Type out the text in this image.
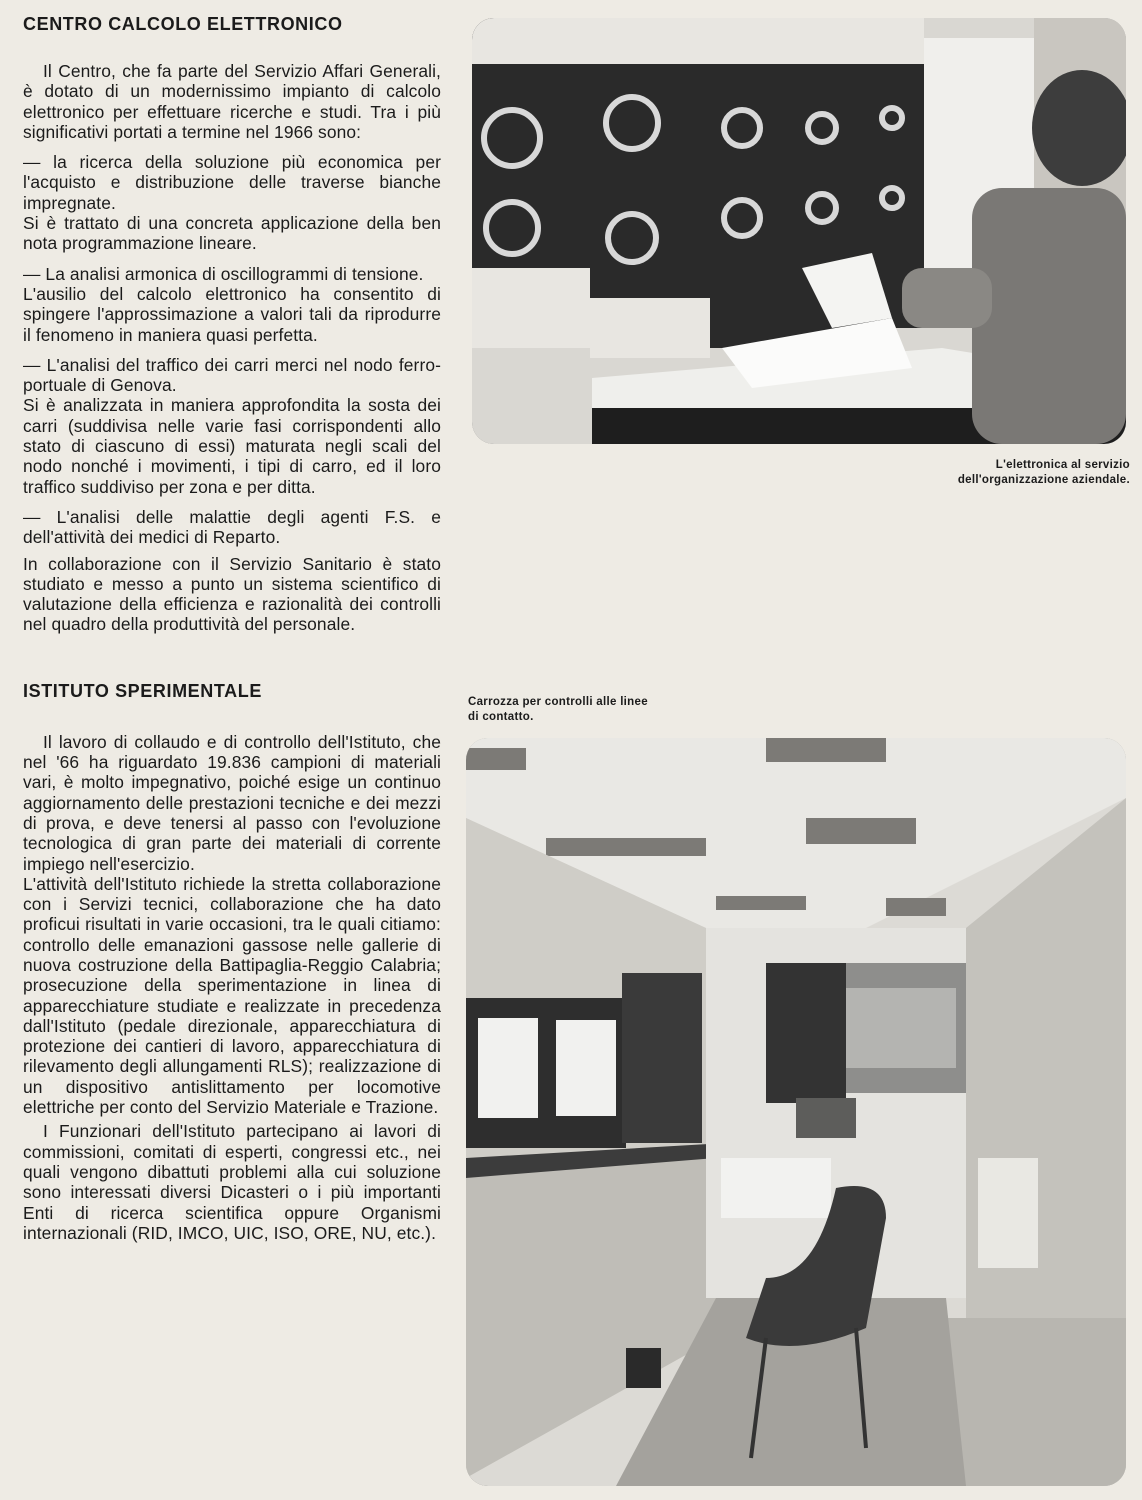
CENTRO CALCOLO ELETTRONICO

Il Centro, che fa parte del Servizio Affari Generali, è dotato di un modernissimo impianto di calcolo elettronico per effettuare ricerche e studi. Tra i più significativi portati a termine nel 1966 sono:

— la ricerca della soluzione più economica per l'acquisto e distribuzione delle traverse bianche impregnate.

Si è trattato di una concreta applicazione della ben nota programmazione lineare.

— La analisi armonica di oscillogrammi di tensione.

L'ausilio del calcolo elettronico ha consentito di spingere l'approssimazione a valori tali da riprodurre il fenomeno in maniera quasi perfetta.

— L'analisi del traffico dei carri merci nel nodo ferro-portuale di Genova.

Si è analizzata in maniera approfondita la sosta dei carri (suddivisa nelle varie fasi corrispondenti allo stato di ciascuno di essi) maturata negli scali del nodo nonché i movimenti, i tipi di carro, ed il loro traffico suddiviso per zona e per ditta.

— L'analisi delle malattie degli agenti F.S. e dell'attività dei medici di Reparto.

In collaborazione con il Servizio Sanitario è stato studiato e messo a punto un sistema scientifico di valutazione della efficienza e razionalità dei controlli nel quadro della produttività del personale.

ISTITUTO SPERIMENTALE

Il lavoro di collaudo e di controllo dell'Istituto, che nel '66 ha riguardato 19.836 campioni di materiali vari, è molto impegnativo, poiché esige un continuo aggiornamento delle prestazioni tecniche e dei mezzi di prova, e deve tenersi al passo con l'evoluzione tecnologica di gran parte dei materiali di corrente impiego nell'esercizio.

L'attività dell'Istituto richiede la stretta collaborazione con i Servizi tecnici, collaborazione che ha dato proficui risultati in varie occasioni, tra le quali citiamo: controllo delle emanazioni gassose nelle gallerie di nuova costruzione della Battipaglia-Reggio Calabria; prosecuzione della sperimentazione in linea di apparecchiature studiate e realizzate in precedenza dall'Istituto (pedale direzionale, apparecchiatura di protezione dei cantieri di lavoro, apparecchiatura di rilevamento degli allungamenti RLS); realizzazione di un dispositivo antislittamento per locomotive elettriche per conto del Servizio Materiale e Trazione.

I Funzionari dell'Istituto partecipano ai lavori di commissioni, comitati di esperti, congressi etc., nei quali vengono dibattuti problemi alla cui soluzione sono interessati diversi Dicasteri o i più importanti Enti di ricerca scientifica oppure Organismi internazionali (RID, IMCO, UIC, ISO, ORE, NU, etc.).

L'elettronica al servizio dell'organizzazione aziendale.
Carrozza per controlli alle linee di contatto.
